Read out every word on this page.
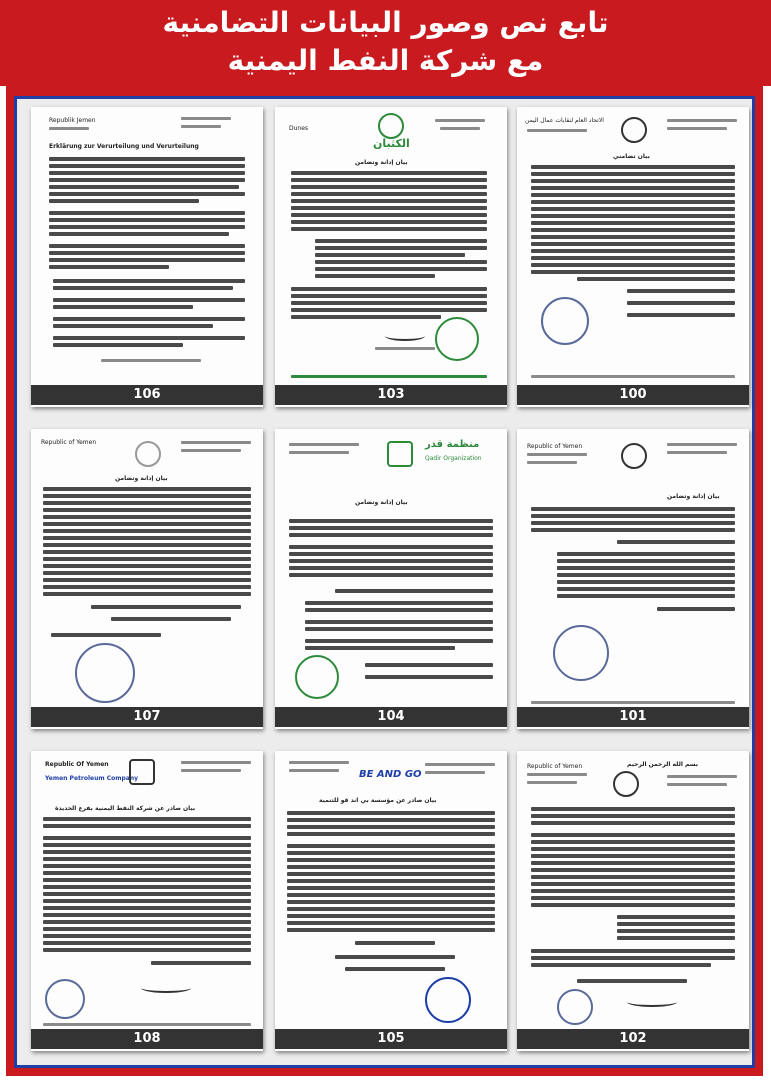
تابع نص وصور البيانات التضامنية
مع شركة النفط اليمنية
Republik Jemen
Erklärung zur Verurteilung und Verurteilung
106
Dunes
الكثبان
بيان إدانة وتضامن
103
الاتحاد العام لنقابات عمال اليمن
بيان تضامني
100
Republic of Yemen
بيان إدانة وتضامن
107
منظمة قدر
Qadir Organization
بيان إدانة وتضامن
104
Republic of Yemen
بيان إدانة وتضامن
101
Republic Of Yemen
Yemen Petroleum Company
بيان صادر عن شركة النفط اليمنية بفرع الحديدة
108
BE AND GO
بيان صادر عن مؤسسة بي اند قو للتنمية
105
Republic of Yemen	بسم الله الرحمن الرحيم
102
